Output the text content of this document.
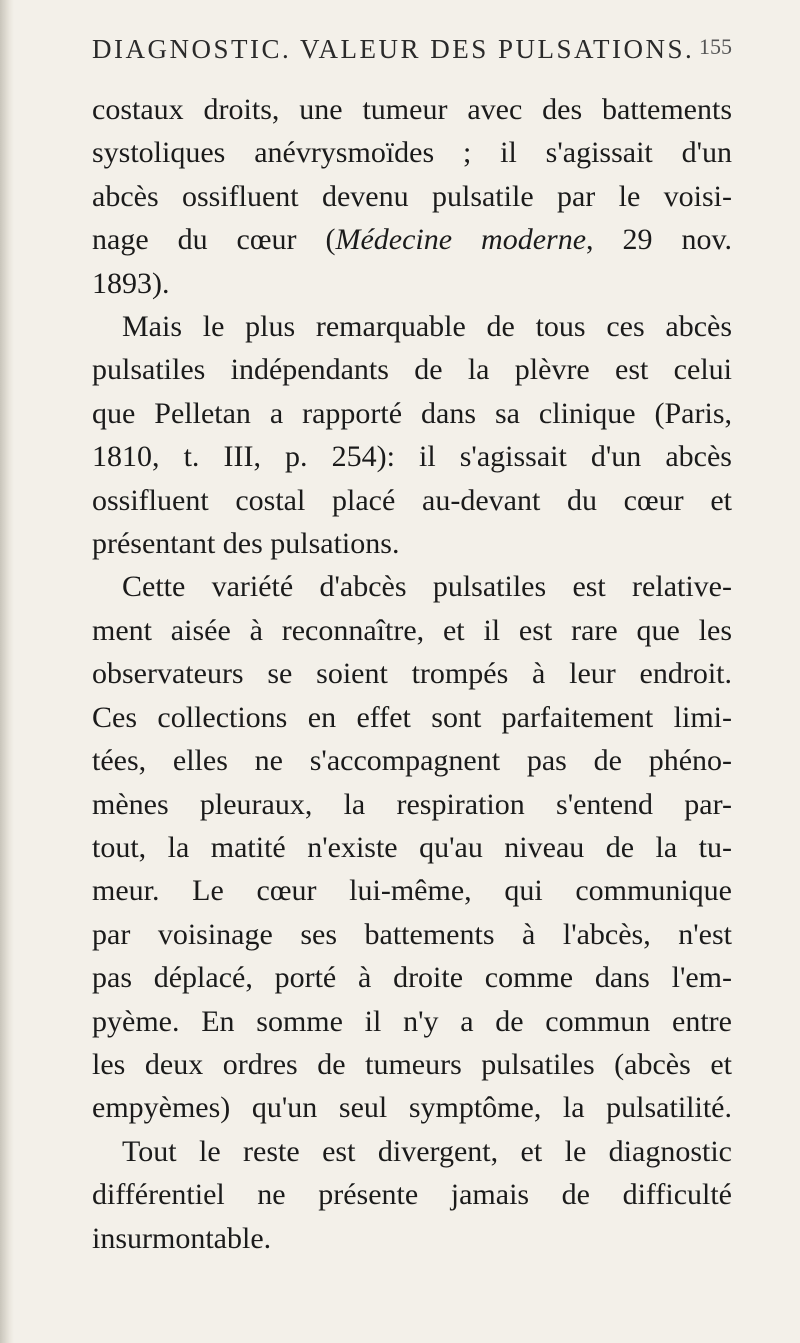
DIAGNOSTIC. VALEUR DES PULSATIONS. 155

costaux droits, une tumeur avec des battements
systoliques anévrysmoïdes ; il s'agissait d'un
abcès ossifluent devenu pulsatile par le voisi-
nage du cœur (Médecine moderne, 29 nov.
1893).

Mais le plus remarquable de tous ces abcès
pulsatiles indépendants de la plèvre est celui
que Pelletan a rapporté dans sa clinique (Paris,
1810, t. III, p. 254): il s'agissait d'un abcès
ossifluent costal placé au-devant du cœur et
présentant des pulsations.

Cette variété d'abcès pulsatiles est relative-
ment aisée à reconnaître, et il est rare que les
observateurs se soient trompés à leur endroit.
Ces collections en effet sont parfaitement limi-
tées, elles ne s'accompagnent pas de phéno-
mènes pleuraux, la respiration s'entend par-
tout, la matité n'existe qu'au niveau de la tu-
meur. Le cœur lui-même, qui communique
par voisinage ses battements à l'abcès, n'est
pas déplacé, porté à droite comme dans l'em-
pyème. En somme il n'y a de commun entre
les deux ordres de tumeurs pulsatiles (abcès et
empyèmes) qu'un seul symptôme, la pulsatilité.

Tout le reste est divergent, et le diagnostic
différentiel ne présente jamais de difficulté
insurmontable.
